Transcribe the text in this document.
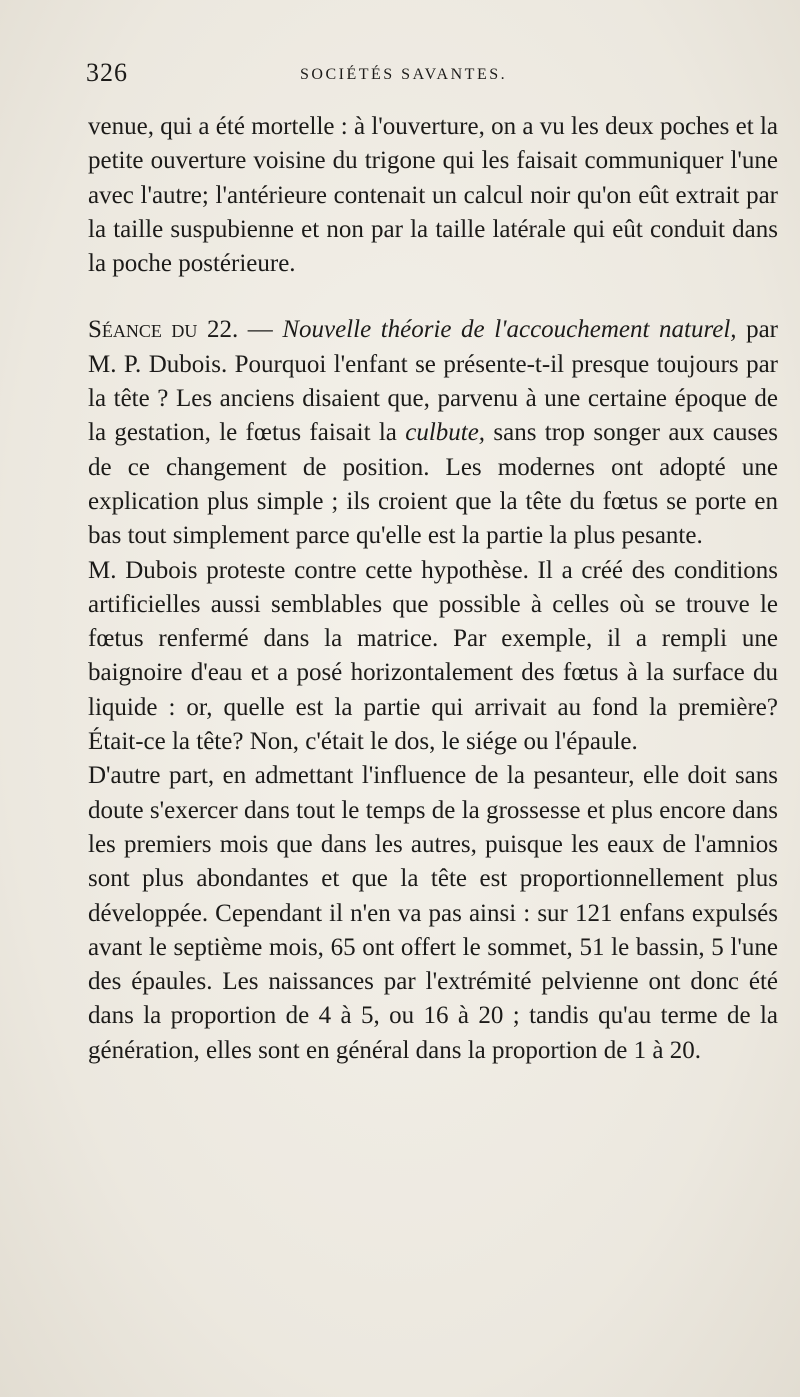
326	SOCIÉTÉS SAVANTES.

venue, qui a été mortelle : à l'ouverture, on a vu les deux poches et la petite ouverture voisine du trigone qui les faisait communiquer l'une avec l'autre; l'antérieure contenait un calcul noir qu'on eût extrait par la taille suspubienne et non par la taille latérale qui eût conduit dans la poche postérieure.

Séance du 22. — Nouvelle théorie de l'accouchement naturel, par M. P. Dubois. Pourquoi l'enfant se présente-t-il presque toujours par la tête ? Les anciens disaient que, parvenu à une certaine époque de la gestation, le fœtus faisait la culbute, sans trop songer aux causes de ce changement de position. Les modernes ont adopté une explication plus simple ; ils croient que la tête du fœtus se porte en bas tout simplement parce qu'elle est la partie la plus pesante.

M. Dubois proteste contre cette hypothèse. Il a créé des conditions artificielles aussi semblables que possible à celles où se trouve le fœtus renfermé dans la matrice. Par exemple, il a rempli une baignoire d'eau et a posé horizontalement des fœtus à la surface du liquide : or, quelle est la partie qui arrivait au fond la première? Était-ce la tête? Non, c'était le dos, le siége ou l'épaule.

D'autre part, en admettant l'influence de la pesanteur, elle doit sans doute s'exercer dans tout le temps de la grossesse et plus encore dans les premiers mois que dans les autres, puisque les eaux de l'amnios sont plus abondantes et que la tête est proportionnellement plus développée. Cependant il n'en va pas ainsi : sur 121 enfans expulsés avant le septième mois, 65 ont offert le sommet, 51 le bassin, 5 l'une des épaules. Les naissances par l'extrémité pelvienne ont donc été dans la proportion de 4 à 5, ou 16 à 20 ; tandis qu'au terme de la génération, elles sont en général dans la proportion de 1 à 20.
